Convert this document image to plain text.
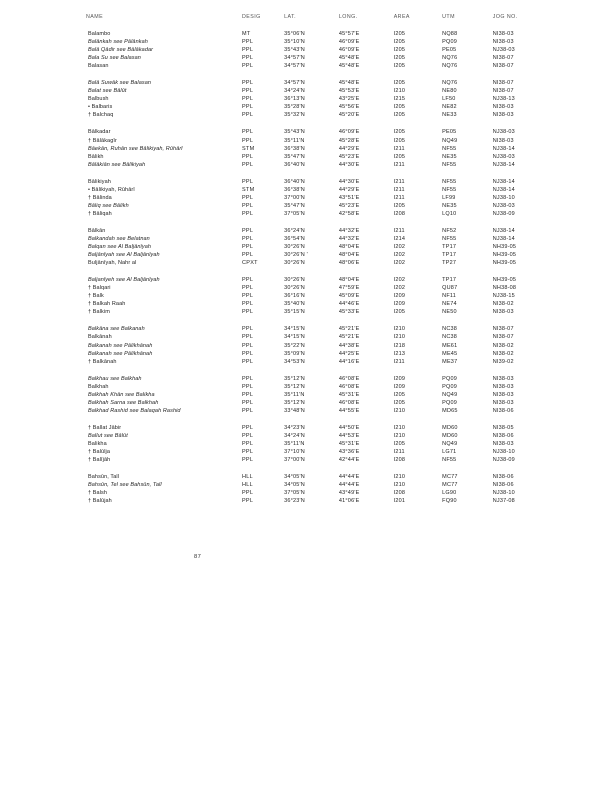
NAME	DESIG	LAT.	LONG.	AREA	UTM	JOG NO.
Balambo	MT	35°06'N	45°57'E	I205	NQ88	NI38-03
Balānkah see Pālānkah	PPL	35°10'N	46°09'E	I205	PQ09	NI38-03
Balā Qādir see Bālākadar	PPL	35°43'N	46°09'E	I205	PE05	NJ38-03
Bala Su see Balasan	PPL	34°57'N	45°48'E	I205	NQ76	NI38-07
Balasan	PPL	34°57'N	45°48'E	I205	NQ76	NI38-07

Balā Suwāk see Balasan	PPL	34°57'N	45°48'E	I205	NQ76	NI38-07
Balat see Bālūt	PPL	34°24'N	45°53'E	I210	NE80	NI38-07
Balbush	PPL	36°13'N	43°25'E	I215	LF50	NJ38-13
• Balbaris	PPL	35°28'N	45°56'E	I205	NE82	NI38-03
† Balchaq	PPL	35°32'N	45°20'E	I205	NE33	NI38-03

Bālkadar	PPL	35°43'N	46°09'E	I205	PE05	NJ38-03
† Bālākagīr	PPL	35°11'N	45°28'E	I205	NQ49	NI38-03
Bāekān, Ruhān see Bālikiyah, Rūhārī	STM	36°38'N	44°29'E	I211	NF55	NJ38-14
Bālikh	PPL	35°47'N	45°23'E	I205	NE35	NJ38-03
Bālākiān see Bālikiyah	PPL	36°40'N	44°30'E	I211	NF55	NJ38-14

Bālikiyah	PPL	36°40'N	44°30'E	I211	NF55	NJ38-14
• Bālikiyah, Rūhārī	STM	36°38'N	44°29'E	I211	NF55	NJ38-14
† Bālinda	PPL	37°00'N	43°51'E	I211	LF99	NJ38-10
Bāliq see Bālikh	PPL	35°47'N	45°23'E	I205	NE35	NJ38-03
† Bāliqah	PPL	37°05'N	42°58'E	I208	LQ10	NJ38-09

Bālkān	PPL	36°24'N	44°32'E	I211	NF52	NJ38-14
Balkandah see Belatnan	PPL	36°54'N	44°32'E	I214	NF55	NJ38-14
Balqan see Al Baljānīyah	PPL	30°26'N	48°04'E	I202	TP17	NH39-05
Baljānīyah see Al Baljānīyah	PPL	30°26'N '	48°04'E	I202	TP17	NH39-05
Buljānīyah, Nahr al	CPXT	30°26'N	48°06'E	I202	TP27	NH39-05

Baljanīyeh see Al Baljānīyah	PPL	30°26'N	48°04'E	I202	TP17	NH39-05
† Balqari	PPL	30°26'N	47°59'E	I202	QU87	NH38-08
† Balk	PPL	36°16'N	45°09'E	I209	NF11	NJ38-15
† Balkah Raah	PPL	35°40'N	44°46'E	I209	NE74	NI38-02
† Balkim	PPL	35°15'N	45°33'E	I205	NE50	NI38-03

Balkāna see Balkanah	PPL	34°15'N	45°21'E	I210	NC38	NI38-07
Balkānah	PPL	34°15'N	45°21'E	I210	NC38	NI38-07
Balkanah see Pālikhānah	PPL	35°22'N	44°38'E	I218	ME61	NI38-02
Balkanah see Pālikhānah	PPL	35°09'N	44°25'E	I213	ME45	NI38-02
† Balkānah	PPL	34°53'N	44°16'E	I211	ME37	NI39-02

Balkhau see Balkhah	PPL	35°12'N	46°08'E	I209	PQ09	NI38-03
Balkhah	PPL	35°12'N	46°08'E	I209	PQ09	NI38-03
Balkhah Khān see Balikha	PPL	35°11'N	45°31'E	I205	NQ49	NI38-03
Balkhah Sarna see Balkhah	PPL	35°12'N	46°08'E	I205	PQ09	NI38-03
Balkhad Rashid see Balaqah Rashid	PPL	33°48'N	44°55'E	I210	MD65	NI38-06

† Ballat Jābir	PPL	34°23'N	44°50'E	I210	MD60	NI38-05
Ballut see Bālūt	PPL	34°24'N	44°53'E	I210	MD60	NI38-06
Balikha	PPL	35°11'N	45°31'E	I205	NQ49	NI38-03
† Balūlja	PPL	37°10'N	43°36'E	I211	LG71	NJ38-10
† Balījāh	PPL	37°00'N	42°44'E	I208	NF55	NJ38-09

Bahsūn, Tall	HLL	34°05'N	44°44'E	I210	MC77	NI38-06
Bahsūn, Tel see Bahsūn, Tall	HLL	34°05'N	44°44'E	I210	MC77	NI38-06
† Balsh	PPL	37°05'N	43°49'E	I208	LG90	NJ38-10
† Balūjah	PPL	36°23'N	41°06'E	I201	FQ90	NJ37-08
87
